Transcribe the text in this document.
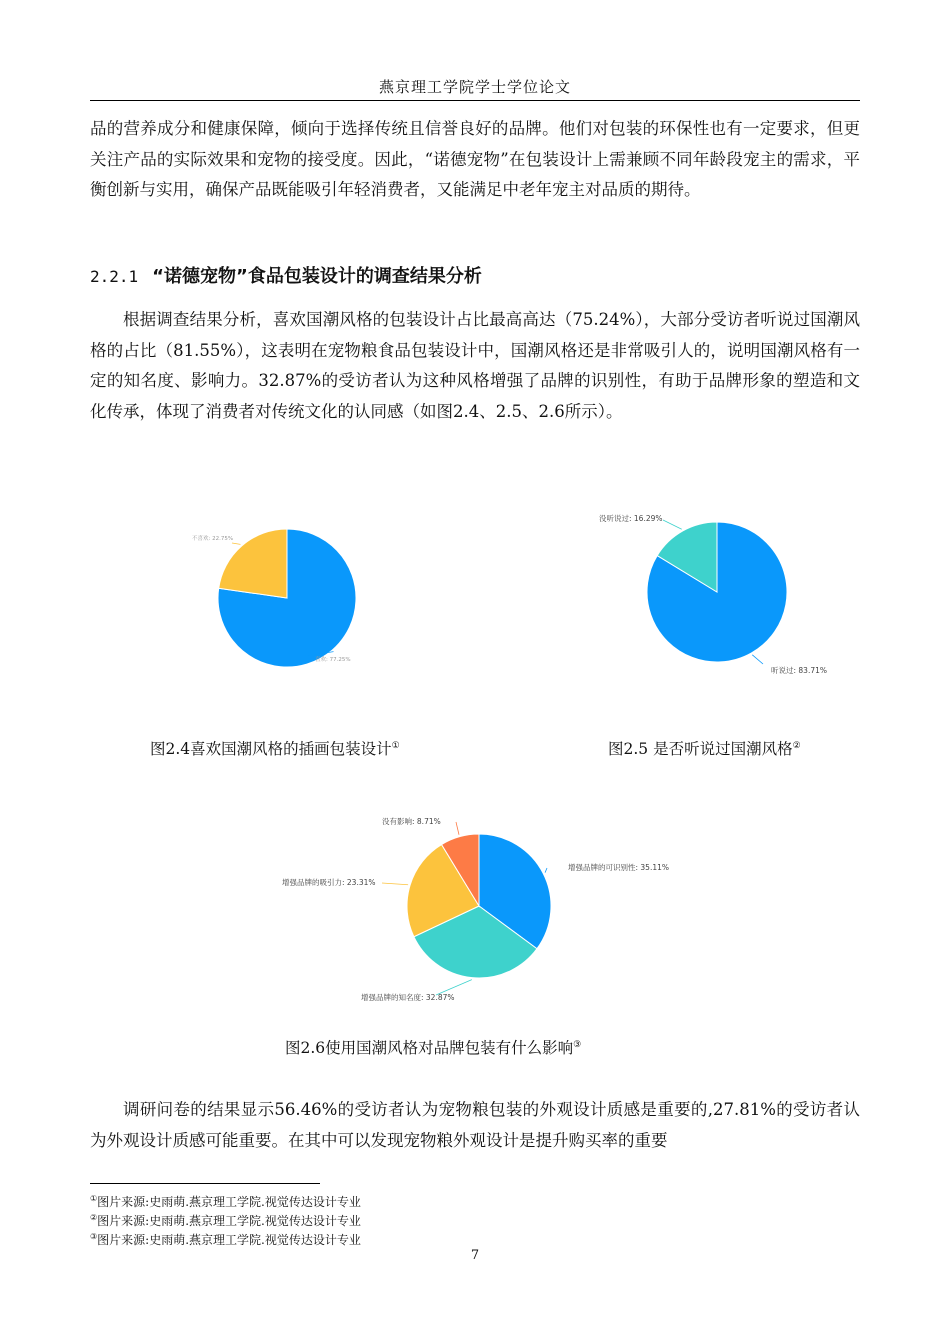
燕京理工学院学士学位论文

品的营养成分和健康保障，倾向于选择传统且信誉良好的品牌。他们对包装的环保性也有一定要求，但更关注产品的实际效果和宠物的接受度。因此，“诺德宠物”在包装设计上需兼顾不同年龄段宠主的需求，平衡创新与实用，确保产品既能吸引年轻消费者，又能满足中老年宠主对品质的期待。

2.2.1 “诺德宠物”食品包装设计的调查结果分析

根据调查结果分析，喜欢国潮风格的包装设计占比最高高达（75.24%），大部分受访者听说过国潮风格的占比（81.55%），这表明在宠物粮食品包装设计中，国潮风格还是非常吸引人的，说明国潮风格有一定的知名度、影响力。32.87%的受访者认为这种风格增强了品牌的识别性，有助于品牌形象的塑造和文化传承，体现了消费者对传统文化的认同感（如图2.4、2.5、2.6所示）。

喜欢: 77.25%
不喜欢: 22.75%
听说过: 83.71%
没听说过: 16.29%
增强品牌的可识别性: 35.11%
增强品牌的知名度: 32.87%
增强品牌的吸引力: 23.31%
没有影响: 8.71%
图2.4喜欢国潮风格的插画包装设计①	图2.5 是否听说过国潮风格②
图2.6使用国潮风格对品牌包装有什么影响③

调研问卷的结果显示56.46%的受访者认为宠物粮包装的外观设计质感是重要的,27.81%的受访者认为外观设计质感可能重要。在其中可以发现宠物粮外观设计是提升购买率的重要

①图片来源:史雨萌.燕京理工学院.视觉传达设计专业
②图片来源:史雨萌.燕京理工学院.视觉传达设计专业
③图片来源:史雨萌.燕京理工学院.视觉传达设计专业
7
